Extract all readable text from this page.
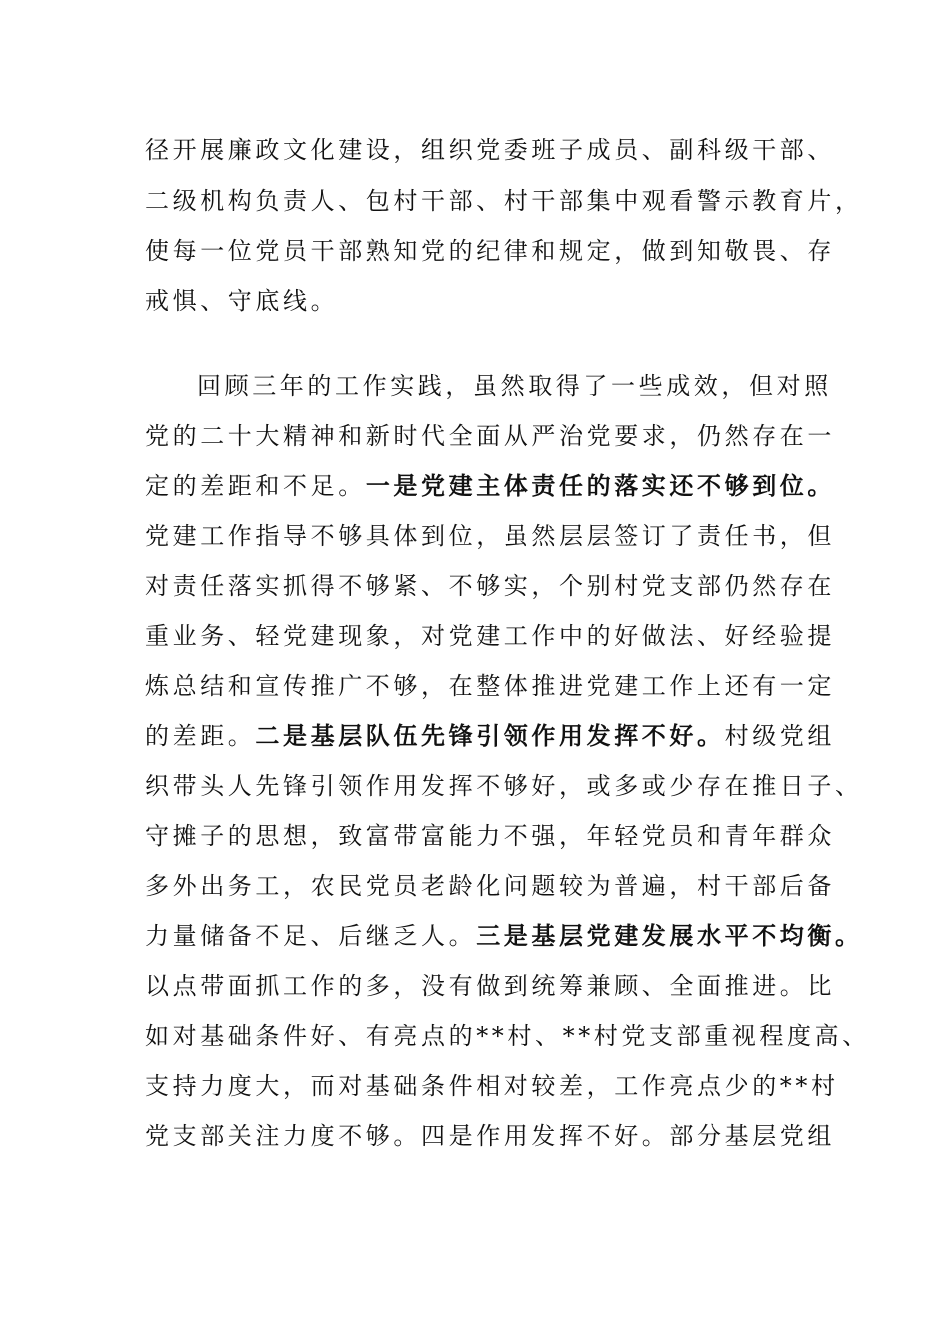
径开展廉政文化建设，组织党委班子成员、副科级干部、
二级机构负责人、包村干部、村干部集中观看警示教育片，
使每一位党员干部熟知党的纪律和规定，做到知敬畏、存
戒惧、守底线。
回顾三年的工作实践，虽然取得了一些成效，但对照
党的二十大精神和新时代全面从严治党要求，仍然存在一
定的差距和不足。一是党建主体责任的落实还不够到位。
党建工作指导不够具体到位，虽然层层签订了责任书，但
对责任落实抓得不够紧、不够实，个别村党支部仍然存在
重业务、轻党建现象，对党建工作中的好做法、好经验提
炼总结和宣传推广不够，在整体推进党建工作上还有一定
的差距。二是基层队伍先锋引领作用发挥不好。村级党组
织带头人先锋引领作用发挥不够好，或多或少存在推日子、
守摊子的思想，致富带富能力不强，年轻党员和青年群众
多外出务工，农民党员老龄化问题较为普遍，村干部后备
力量储备不足、后继乏人。三是基层党建发展水平不均衡。
以点带面抓工作的多，没有做到统筹兼顾、全面推进。比
如对基础条件好、有亮点的**村、**村党支部重视程度高、
支持力度大，而对基础条件相对较差，工作亮点少的**村
党支部关注力度不够。四是作用发挥不好。部分基层党组
